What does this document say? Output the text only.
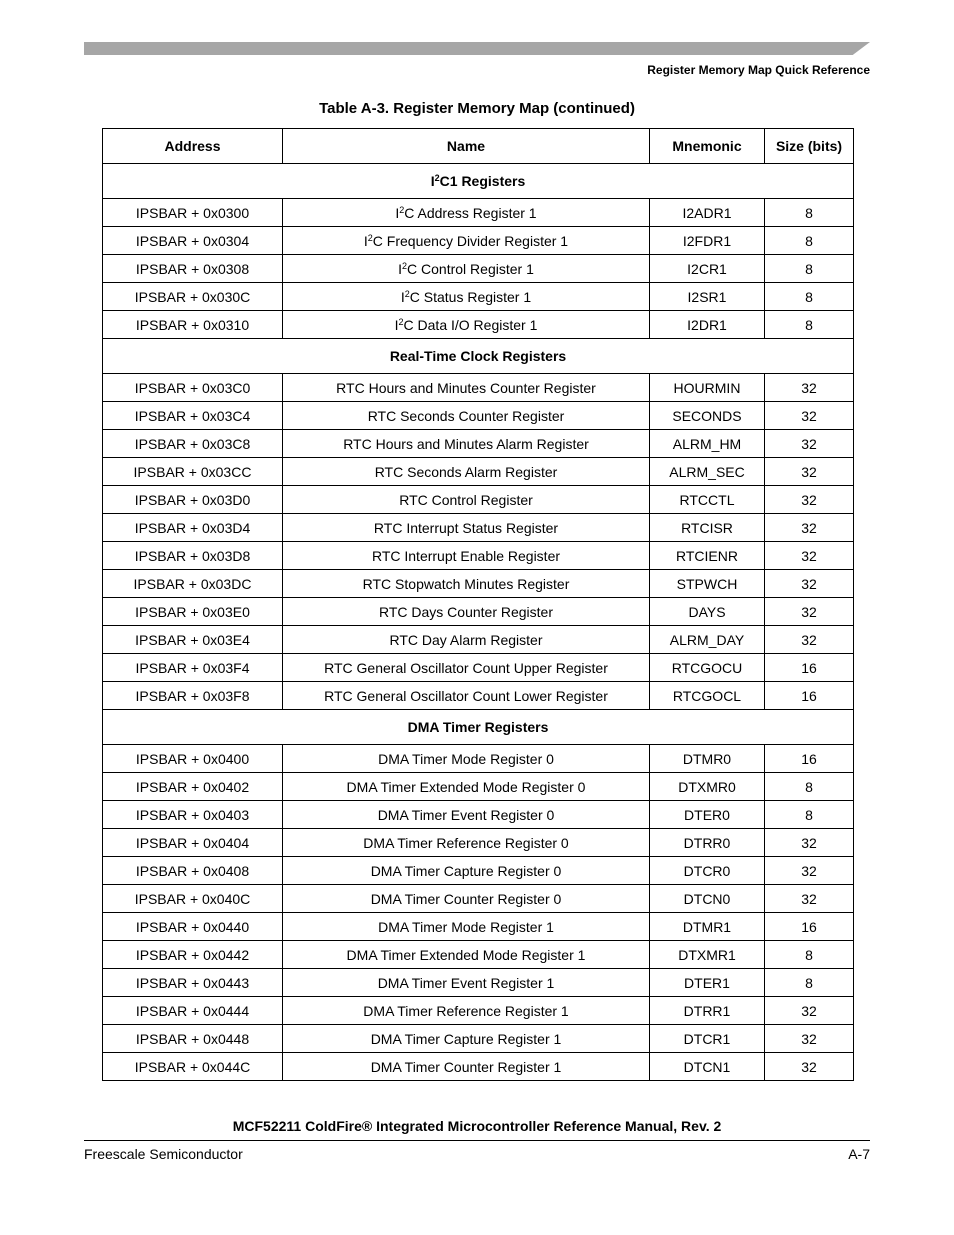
Register Memory Map Quick Reference
Table A-3. Register Memory Map (continued)
Address	Name	Mnemonic	Size (bits)
$I^2C1$ Registers			
IPSBAR + 0x0300	$I^2C$ Address Register 1	I2ADR1	8
IPSBAR + 0x0304	$I^2C$ Frequency Divider Register 1	I2FDR1	8
IPSBAR + 0x0308	$I^2C$ Control Register 1	I2CR1	8
IPSBAR + 0x030C	$I^2C$ Status Register 1	I2SR1	8
IPSBAR + 0x0310	$I^2C$ Data I/O Register 1	I2DR1	8
Real-Time Clock Registers			
IPSBAR + 0x03C0	RTC Hours and Minutes Counter Register	HOURMIN	32
IPSBAR + 0x03C4	RTC Seconds Counter Register	SECONDS	32
IPSBAR + 0x03C8	RTC Hours and Minutes Alarm Register	ALRM_HM	32
IPSBAR + 0x03CC	RTC Seconds Alarm Register	ALRM_SEC	32
IPSBAR + 0x03D0	RTC Control Register	RTCCTL	32
IPSBAR + 0x03D4	RTC Interrupt Status Register	RTCISR	32
IPSBAR + 0x03D8	RTC Interrupt Enable Register	RTCIENR	32
IPSBAR + 0x03DC	RTC Stopwatch Minutes Register	STPWCH	32
IPSBAR + 0x03E0	RTC Days Counter Register	DAYS	32
IPSBAR + 0x03E4	RTC Day Alarm Register	ALRM_DAY	32
IPSBAR + 0x03F4	RTC General Oscillator Count Upper Register	RTCGOCU	16
IPSBAR + 0x03F8	RTC General Oscillator Count Lower Register	RTCGOCL	16
DMA Timer Registers			
IPSBAR + 0x0400	DMA Timer Mode Register 0	DTMR0	16
IPSBAR + 0x0402	DMA Timer Extended Mode Register 0	DTXMR0	8
IPSBAR + 0x0403	DMA Timer Event Register 0	DTER0	8
IPSBAR + 0x0404	DMA Timer Reference Register 0	DTRR0	32
IPSBAR + 0x0408	DMA Timer Capture Register 0	DTCR0	32
IPSBAR + 0x040C	DMA Timer Counter Register 0	DTCN0	32
IPSBAR + 0x0440	DMA Timer Mode Register 1	DTMR1	16
IPSBAR + 0x0442	DMA Timer Extended Mode Register 1	DTXMR1	8
IPSBAR + 0x0443	DMA Timer Event Register 1	DTER1	8
IPSBAR + 0x0444	DMA Timer Reference Register 1	DTRR1	32
IPSBAR + 0x0448	DMA Timer Capture Register 1	DTCR1	32
IPSBAR + 0x044C	DMA Timer Counter Register 1	DTCN1	32
MCF52211 ColdFire® Integrated Microcontroller Reference Manual, Rev. 2
Freescale Semiconductor	A-7
